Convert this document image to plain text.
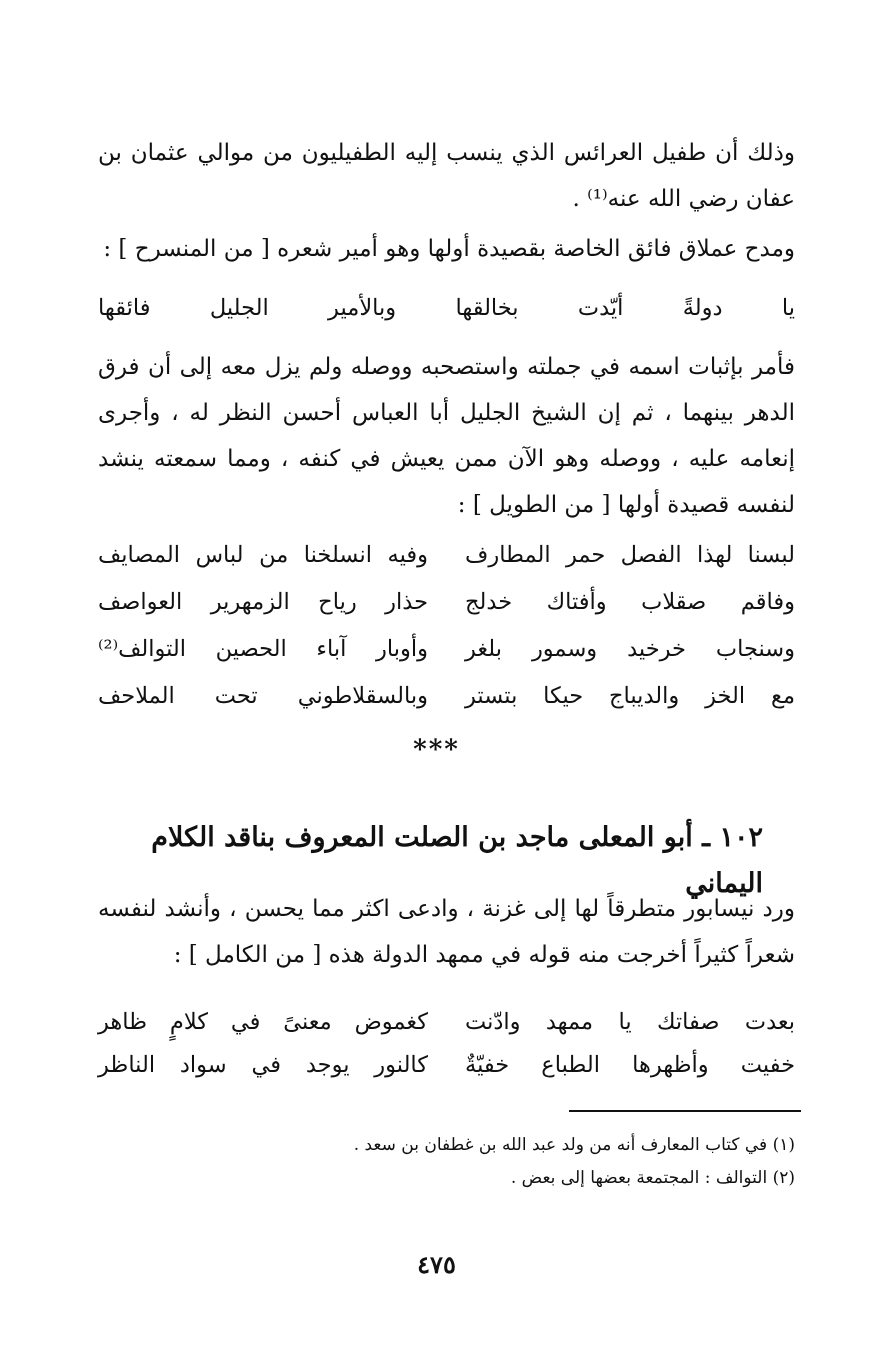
وذلك أن طفيل العرائس الذي ينسب إليه الطفيليون من موالي عثمان بن عفان رضي الله عنه⁽¹⁾ .

ومدح عملاق فائق الخاصة بقصيدة أولها وهو أمير شعره [ من المنسرح ] :

يا دولةً أيّدت بخالقها وبالأمير الجليل فائقها

فأمر بإثبات اسمه في جملته واستصحبه ووصله ولم يزل معه إلى أن فرق الدهر بينهما ، ثم إن الشيخ الجليل أبا العباس أحسن النظر له ، وأجرى إنعامه عليه ، ووصله وهو الآن ممن يعيش في كنفه ، ومما سمعته ينشد لنفسه قصيدة أولها [ من الطويل ] :

لبسنا لهذا الفصل حمر المطارف
وفيه انسلخنا من لباس المصايف
وفاقم صقلاب وأفتاك خدلج
حذار رياح الزمهرير العواصف
وسنجاب خرخيد وسمور بلغر
وأوبار آباء الحصين التوالف⁽²⁾
مع الخز والديباج حيكا بتستر
وبالسقلاطوني تحت الملاحف
***
١٠٢ ـ أبو المعلى ماجد بن الصلت المعروف بناقد الكلام اليماني

ورد نيسابور متطرقاً لها إلى غزنة ، وادعى اكثر مما يحسن ، وأنشد لنفسه شعراً كثيراً أخرجت منه قوله في ممهد الدولة هذه [ من الكامل ] :

بعدت صفاتك يا ممهد وادّنت
كغموض معنىً في كلامٍ ظاهر
خفيت وأظهرها الطباع خفيّةٌ
كالنور يوجد في سواد الناظر
(١) في كتاب المعارف أنه من ولد عبد الله بن غطفان بن سعد .
(٢) التوالف : المجتمعة بعضها إلى بعض .
٤٧٥
